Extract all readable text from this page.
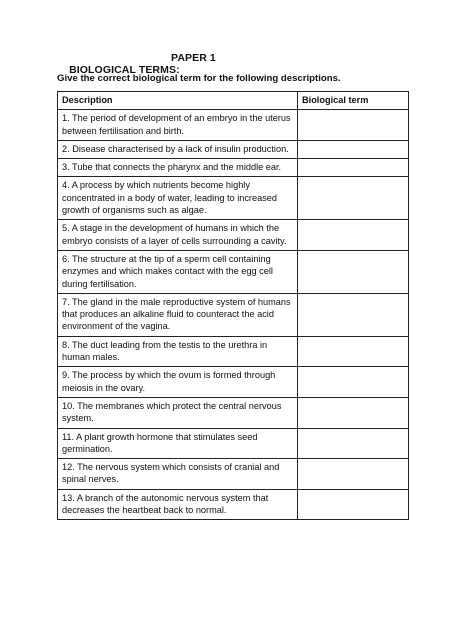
BIOLOGICAL TERMS:

PAPER 1

Give the correct biological term for the following descriptions.
Description	Biological term
1. The period of development of an embryo in the uterus between fertilisation and birth.	
2. Disease characterised by a lack of insulin production.	
3. Tube that connects the pharynx and the middle ear.	
4. A process by which nutrients become highly concentrated in a body of water, leading to increased growth of organisms such as algae.	
5. A stage in the development of humans in which the embryo consists of a layer of cells surrounding a cavity.	
6. The structure at the tip of a sperm cell containing enzymes and which makes contact with the egg cell during fertilisation.	
7. The gland in the male reproductive system of humans that produces an alkaline fluid to counteract the acid environment of the vagina.	
8. The duct leading from the testis to the urethra in human males.	
9. The process by which the ovum is formed through meiosis in the ovary.	
10. The membranes which protect the central nervous system.	
11. A plant growth hormone that stimulates seed germination.	
12. The nervous system which consists of cranial and spinal nerves.	
13. A branch of the autonomic nervous system that decreases the heartbeat back to normal.	
